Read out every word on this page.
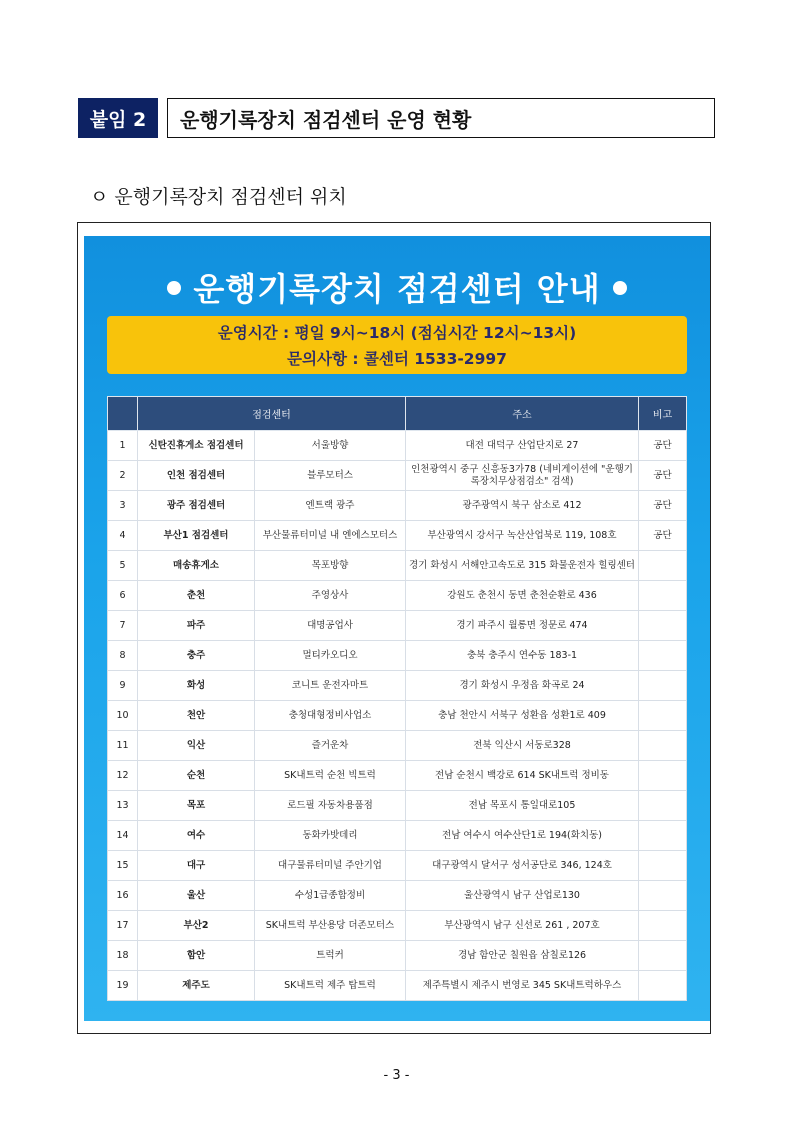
붙임 2	운행기록장치 점검센터 운영 현황
ㅇ 운행기록장치 점검센터 위치
운행기록장치 점검센터 안내
운영시간 : 평일 9시~18시 (점심시간 12시~13시)
문의사항 : 콜센터 1533-2997
	점검센터		주소	비고
1	신탄진휴게소 점검센터	서울방향	대전 대덕구 산업단지로 27	공단
2	인천 점검센터	블루모터스	인천광역시 중구 신흥동3가78 (네비게이션에 "운행기록장치무상점검소" 검색)	공단
3	광주 점검센터	엔트랙 광주	광주광역시 북구 삼소로 412	공단
4	부산1 점검센터	부산물류터미널 내 엔에스모터스	부산광역시 강서구 녹산산업북로 119, 108호	공단
5	매송휴게소	목포방향	경기 화성시 서해안고속도로 315 화물운전자 힐링센터	
6	춘천	주영상사	강원도 춘천시 동면 춘천순환로 436	
7	파주	대명공업사	경기 파주시 월롱면 정문로 474	
8	충주	멀티카오디오	충북 충주시 연수동 183-1	
9	화성	코니트 운전자마트	경기 화성시 우정읍 화곡로 24	
10	천안	충청대형정비사업소	충남 천안시 서북구 성환읍 성환1로 409	
11	익산	즐거운차	전북 익산시 서동로328	
12	순천	SK내트럭 순천 빅트럭	전남 순천시 백강로 614 SK내트럭 정비동	
13	목포	로드필 자동차용품점	전남 목포시 통일대로105	
14	여수	동화카밧데리	전남 여수시 여수산단1로 194(화치동)	
15	대구	대구물류터미널 주안기업	대구광역시 달서구 성서공단로 346, 124호	
16	울산	수성1급종합정비	울산광역시 남구 산업로130	
17	부산2	SK내트럭 부산용당 더존모터스	부산광역시 남구 신선로 261 , 207호	
18	함안	트럭커	경남 함안군 칠원읍 삼칠로126	
19	제주도	SK내트럭 제주 탑트럭	제주특별시 제주시 번영로 345 SK내트럭하우스	
- 3 -
